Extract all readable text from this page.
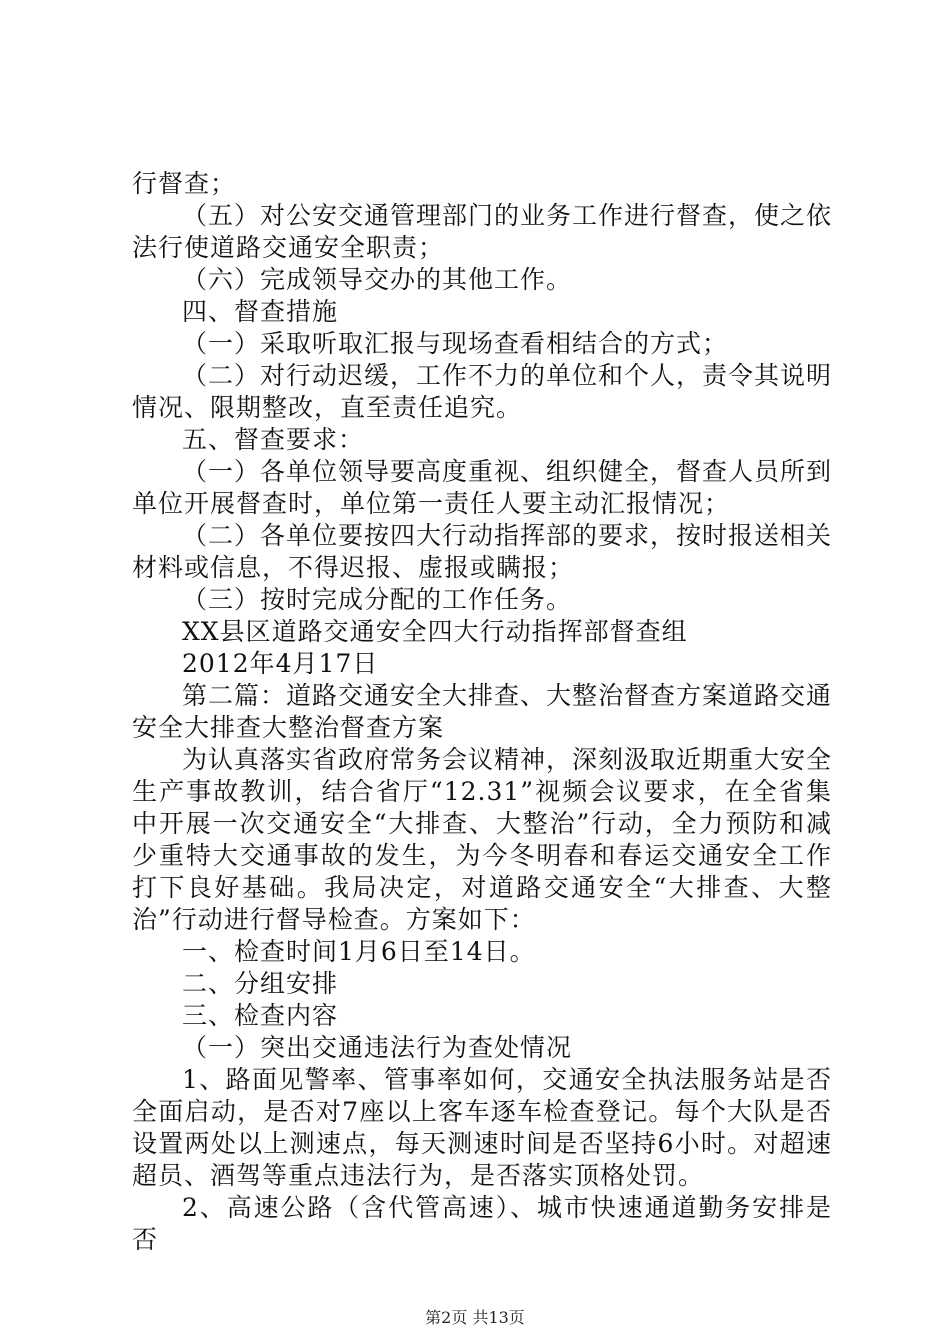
行督查；

（五）对公安交通管理部门的业务工作进行督查，使之依法行使道路交通安全职责；

（六）完成领导交办的其他工作。

四、督查措施

（一）采取听取汇报与现场查看相结合的方式；

（二）对行动迟缓，工作不力的单位和个人，责令其说明情况、限期整改，直至责任追究。

五、督查要求：

（一）各单位领导要高度重视、组织健全，督查人员所到单位开展督查时，单位第一责任人要主动汇报情况；

（二）各单位要按四大行动指挥部的要求，按时报送相关材料或信息，不得迟报、虚报或瞒报；

（三）按时完成分配的工作任务。

XX县区道路交通安全四大行动指挥部督查组

2012年4月17日

第二篇：道路交通安全大排查、大整治督查方案道路交通安全大排查大整治督查方案

为认真落实省政府常务会议精神，深刻汲取近期重大安全生产事故教训，结合省厅“12.31”视频会议要求，在全省集中开展一次交通安全“大排查、大整治”行动，全力预防和减少重特大交通事故的发生，为今冬明春和春运交通安全工作打下良好基础。我局决定，对道路交通安全“大排查、大整治”行动进行督导检查。方案如下：

一、检查时间1月6日至14日。

二、分组安排

三、检查内容

（一）突出交通违法行为查处情况

1、路面见警率、管事率如何，交通安全执法服务站是否全面启动，是否对7座以上客车逐车检查登记。每个大队是否设置两处以上测速点，每天测速时间是否坚持6小时。对超速超员、酒驾等重点违法行为，是否落实顶格处罚。

2、高速公路（含代管高速）、城市快速通道勤务安排是否

第2页 共13页
